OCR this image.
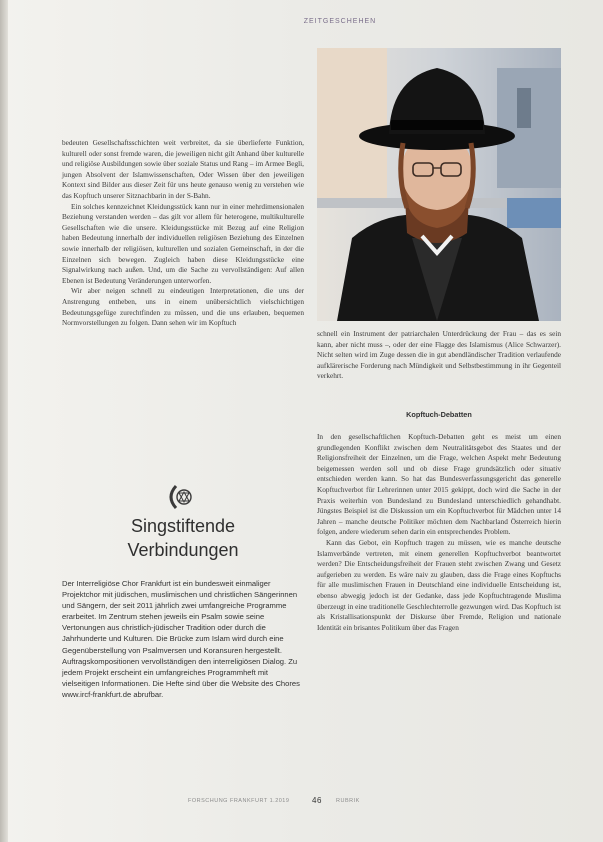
ZEITGESCHEHEN

bedeuten Gesellschaftsschichten weit verbreitet, da sie überlieferte Funktion, kulturell oder sonst fremde waren, die jeweiligen nicht gilt Anhand über kulturelle und religiöse Ausbildungen sowie über soziale Status und Rang – im Armee Begli, jungen Absolvent der Islamwissenschaften, Oder Wissen über den jeweiligen Kontext sind Bilder aus dieser Zeit für uns heute genauso wenig zu verstehen wie das Kopftuch unserer Sitznachbarin in der S-Bahn.

Ein solches kennzeichnet Kleidungsstück kann nur in einer mehrdimensionalen Beziehung verstanden werden – das gilt vor allem für heterogene, multikulturelle Gesellschaften wie die unsere. Kleidungsstücke mit Bezug auf eine Religion haben Bedeutung innerhalb der individuellen religiösen Beziehung des Einzelnen sowie innerhalb der religiösen, kulturellen und sozialen Gemeinschaft, in der die Einzelnen sich bewegen. Zugleich haben diese Kleidungsstücke eine Signalwirkung nach außen. Und, um die Sache zu vervollständigen: Auf allen Ebenen ist Bedeutung Veränderungen unterworfen.

Wir aber neigen schnell zu eindeutigen Interpretationen, die uns der Anstrengung entheben, uns in einem unübersichtlich vielschichtigen Bedeutungsgefüge zurechtfinden zu müssen, und die uns erlauben, bequemen Normvorstellungen zu folgen. Dann sehen wir im Kopftuch

schnell ein Instrument der patriarchalen Unterdrückung der Frau – das es sein kann, aber nicht muss –, oder der eine Flagge des Islamismus (Alice Schwarzer). Nicht selten wird im Zuge dessen die in gut abendländischer Tradition verlaufende aufklärerische Forderung nach Mündigkeit und Selbstbestimmung in ihr Gegenteil verkehrt.

Kopftuch-Debatten

In den gesellschaftlichen Kopftuch-Debatten geht es meist um einen grundlegenden Konflikt zwischen dem Neutralitätsgebot des Staates und der Religionsfreiheit der Einzelnen, um die Frage, welchen Aspekt mehr Bedeutung beigemessen werden soll und ob diese Frage grundsätzlich oder situativ entschieden werden kann. So hat das Bundesverfassungsgericht das generelle Kopftuchverbot für Lehrerinnen unter 2015 gekippt, doch wird die Sache in der Praxis weiterhin von Bundesland zu Bundesland unterschiedlich gehandhabt. Jüngstes Beispiel ist die Diskussion um ein Kopftuchverbot für Mädchen unter 14 Jahren – manche deutsche Politiker möchten dem Nachbarland Österreich hierin folgen, andere wiederum sehen darin ein entsprechendes Problem.

Kann das Gebot, ein Kopftuch tragen zu müssen, wie es manche deutsche Islamverbände vertreten, mit einem generellen Kopftuchverbot beantwortet werden? Die Entscheidungsfreiheit der Frauen steht zwischen Zwang und Gesetz aufgerieben zu werden. Es wäre naiv zu glauben, dass die Frage eines Kopftuchs für alle muslimischen Frauen in Deutschland eine individuelle Entscheidung ist, ebenso abwegig jedoch ist der Gedanke, dass jede Kopftuchtragende Muslima überzeugt in eine traditionelle Geschlechterrolle gezwungen wird. Das Kopftuch ist als Kristallisationspunkt der Diskurse über Fremde, Religion und nationale Identität ein brisantes Politikum über das Fragen

Singstiftende
Verbindungen
Der Interreligiöse Chor Frankfurt ist ein bundesweit einmaliger Projektchor mit jüdischen, muslimischen und christlichen Sängerinnen und Sängern, der seit 2011 jährlich zwei umfangreiche Programme erarbeitet. Im Zentrum stehen jeweils ein Psalm sowie seine Vertonungen aus christlich-jüdischer Tradition oder durch die Jahrhunderte und Kulturen. Die Brücke zum Islam wird durch eine Gegenüberstellung von Psalmversen und Koransuren hergestellt. Auftragskompositionen vervollständigen den interreligiösen Dialog. Zu jedem Projekt erscheint ein umfangreiches Programmheft mit vielseitigen Informationen. Die Hefte sind über die Website des Chores www.ircf-frankfurt.de abrufbar.
FORSCHUNG FRANKFURT 1.2019	46	RUBRIK
